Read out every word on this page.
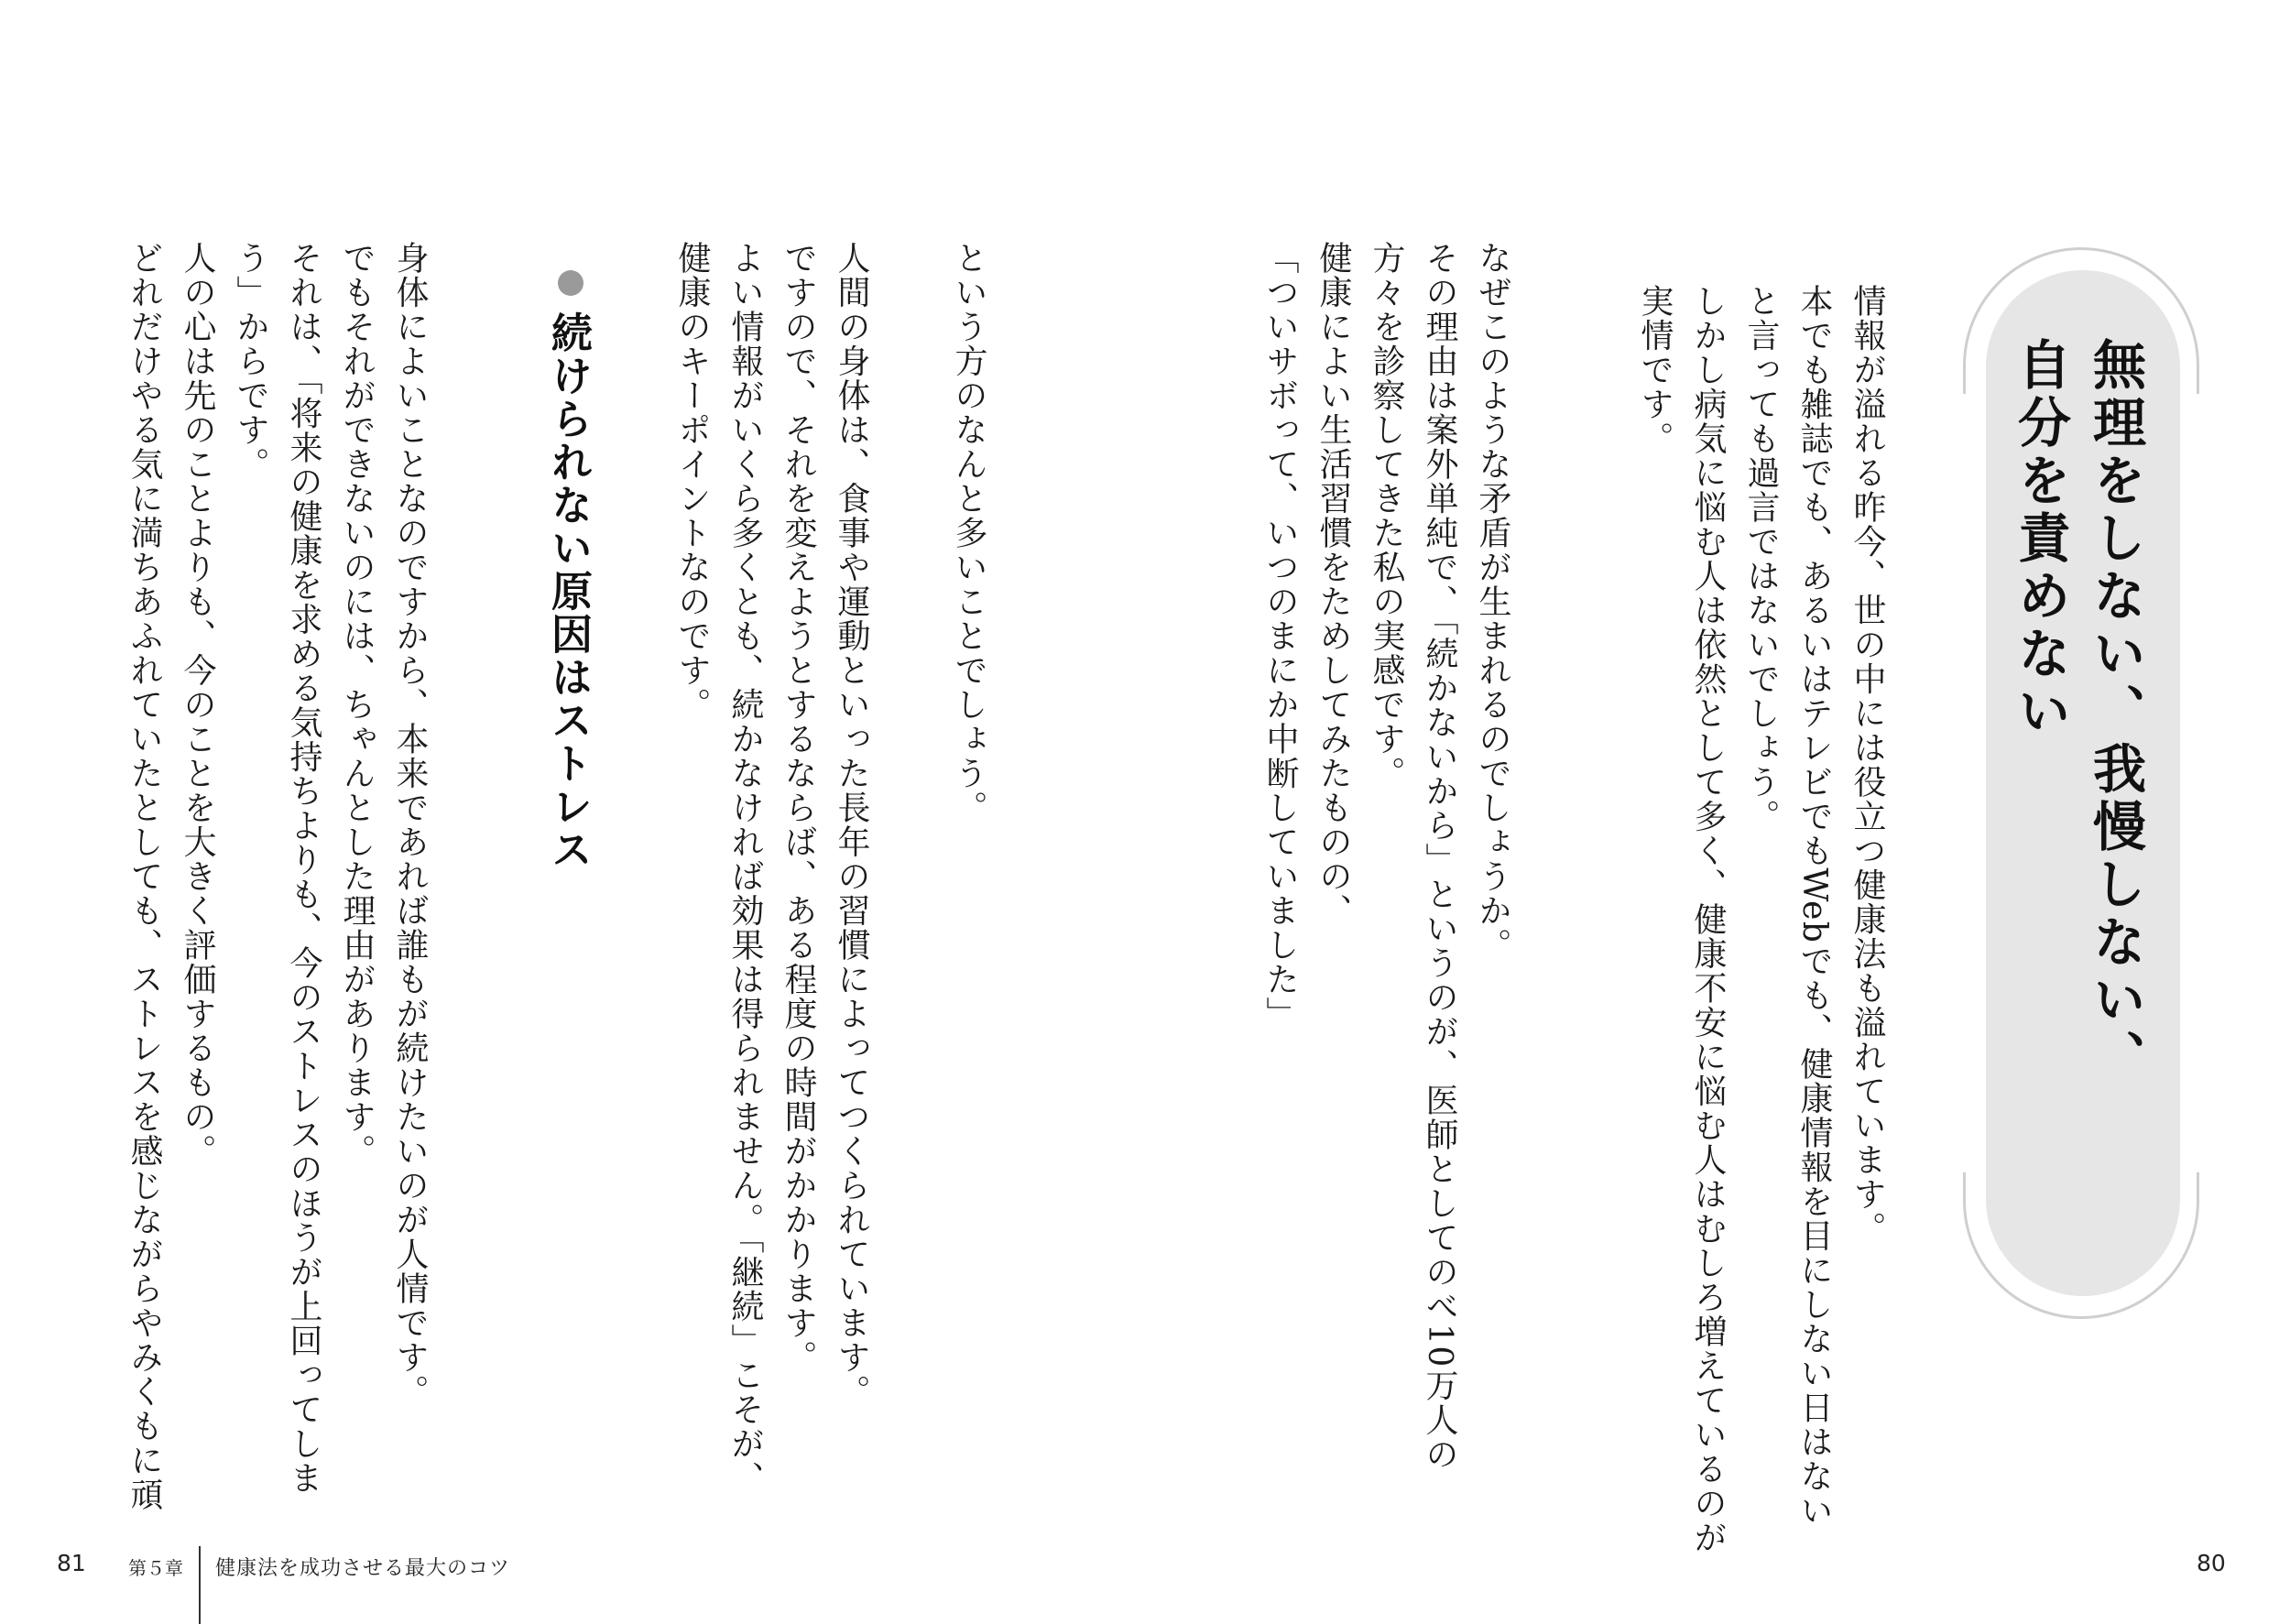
無理をしない、我慢しない、
自分を責めない
情報が溢れる昨今、世の中には役立つ健康法も溢れています。
本でも雑誌でも、あるいはテレビでもWebでも、健康情報を目にしない日はない
と言っても過言ではないでしょう。
しかし病気に悩む人は依然として多く、健康不安に悩む人はむしろ増えているのが
実情です。
なぜこのような矛盾が生まれるのでしょうか。
その理由は案外単純で、「続かないから」というのが、医師としてのべ10万人の
方々を診察してきた私の実感です。
健康によい生活習慣をためしてみたものの、
「ついサボって、いつのまにか中断していました」
という方のなんと多いことでしょう。
人間の身体は、食事や運動といった長年の習慣によってつくられています。
ですので、それを変えようとするならば、ある程度の時間がかかります。
よい情報がいくら多くとも、続かなければ効果は得られません。「継続」こそが、
健康のキーポイントなのです。
続けられない原因はストレス
身体によいことなのですから、本来であれば誰もが続けたいのが人情です。
でもそれができないのには、ちゃんとした理由があります。
それは、「将来の健康を求める気持ちよりも、今のストレスのほうが上回ってしま
う」からです。
人の心は先のことよりも、今のことを大きく評価するもの。
どれだけやる気に満ちあふれていたとしても、ストレスを感じながらやみくもに頑
81 第５章 健康法を成功させる最大のコツ	80
